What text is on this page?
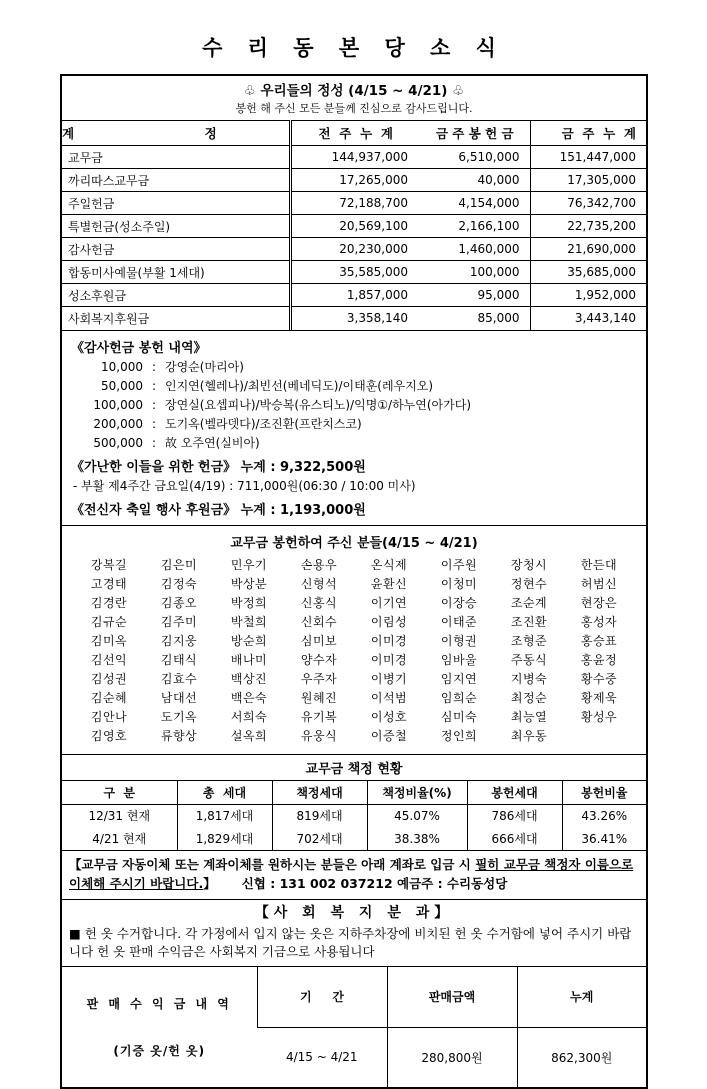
수 리 동 본 당 소 식
♧ 우리들의 정성 (4/15 ~ 4/21) ♧
봉헌 해 주신 모든 분들께 진심으로 감사드립니다.
계                              정	전  주  누  계	금 주 봉 헌 금	금  주  누  계
교무금	144,937,000	6,510,000	151,447,000
까리따스교무금	17,265,000	40,000	17,305,000
주일헌금	72,188,700	4,154,000	76,342,700
특별헌금(성소주일)	20,569,100	2,166,100	22,735,200
감사헌금	20,230,000	1,460,000	21,690,000
합동미사예물(부활 1세대)	35,585,000	100,000	35,685,000
성소후원금	1,857,000	95,000	1,952,000
사회복지후원금	3,358,140	85,000	3,443,140
《감사헌금 봉헌 내역》
10,000 : 강영순(마리아)
50,000 : 인지연(헬레나)/최빈선(베네딕도)/이태훈(레우지오)
100,000 : 장연실(요셉피나)/박승복(유스티노)/익명①/하누연(아가다)
200,000 : 도기옥(벨라뎃다)/조진환(프란치스코)
500,000 : 故 오주연(실비아)
《가난한 이들을 위한 헌금》 누계 : 9,322,500원
- 부활 제4주간 금요일(4/19) : 711,000원(06:30 / 10:00 미사)
《전신자 축일 행사 후원금》 누계 : 1,193,000원
교무금 봉헌하여 주신 분들(4/15 ~ 4/21)
강복길	김은미	민우기	손용우	온식제	이주원	장청시	한든대
고경태	김정숙	박상분	신형석	윤환신	이청미	정현수	허범신
김경란	김종오	박정희	신홍식	이기연	이장승	조순계	현장은
김규순	김주미	박철희	신회수	이림성	이태준	조진환	홍성자
김미옥	김지웅	방순희	심미보	이미경	이형권	조형준	홍승표
김선익	김태식	배나미	양수자	이미경	임바울	주동식	홍윤정
김성권	김효수	백상진	우주자	이병기	임지연	지병숙	황수중
김순혜	남대선	백은숙	원혜진	이석범	임희순	최정순	황제욱
김안나	도기옥	서희숙	유기복	이성호	심미숙	최능열	황성우
김영호	류향상	설옥희	유웅식	이증철	정인희	최우동
교무금 책정 현황
구  분	총  세대	책정세대	책정비율(%)	봉헌세대	봉헌비율
12/31 현재	1,817세대	819세대	45.07%	786세대	43.26%
4/21 현재	1,829세대	702세대	38.38%	666세대	36.41%
【교무금 자동이체 또는 계좌이체를 원하시는 분들은 아래 계좌로 입금 시 필히 교무금 책정자 이름으로 이체해 주시기 바랍니다.】 신협 : 131 002 037212 예금주 : 수리동성당
【사 회 복 지 분 과】
■ 헌 옷 수거합니다. 각 가정에서 입지 않는 옷은 지하주차장에 비치된 헌 옷 수거함에 넣어 주시기 바랍니다 헌 옷 판매 수익금은 사회복지 기금으로 사용됩니다

판 매 수 익 금 내 역

(기증 옷/헌 옷)	기     간	판매금액	누계
	4/15 ~ 4/21	280,800원	862,300원
